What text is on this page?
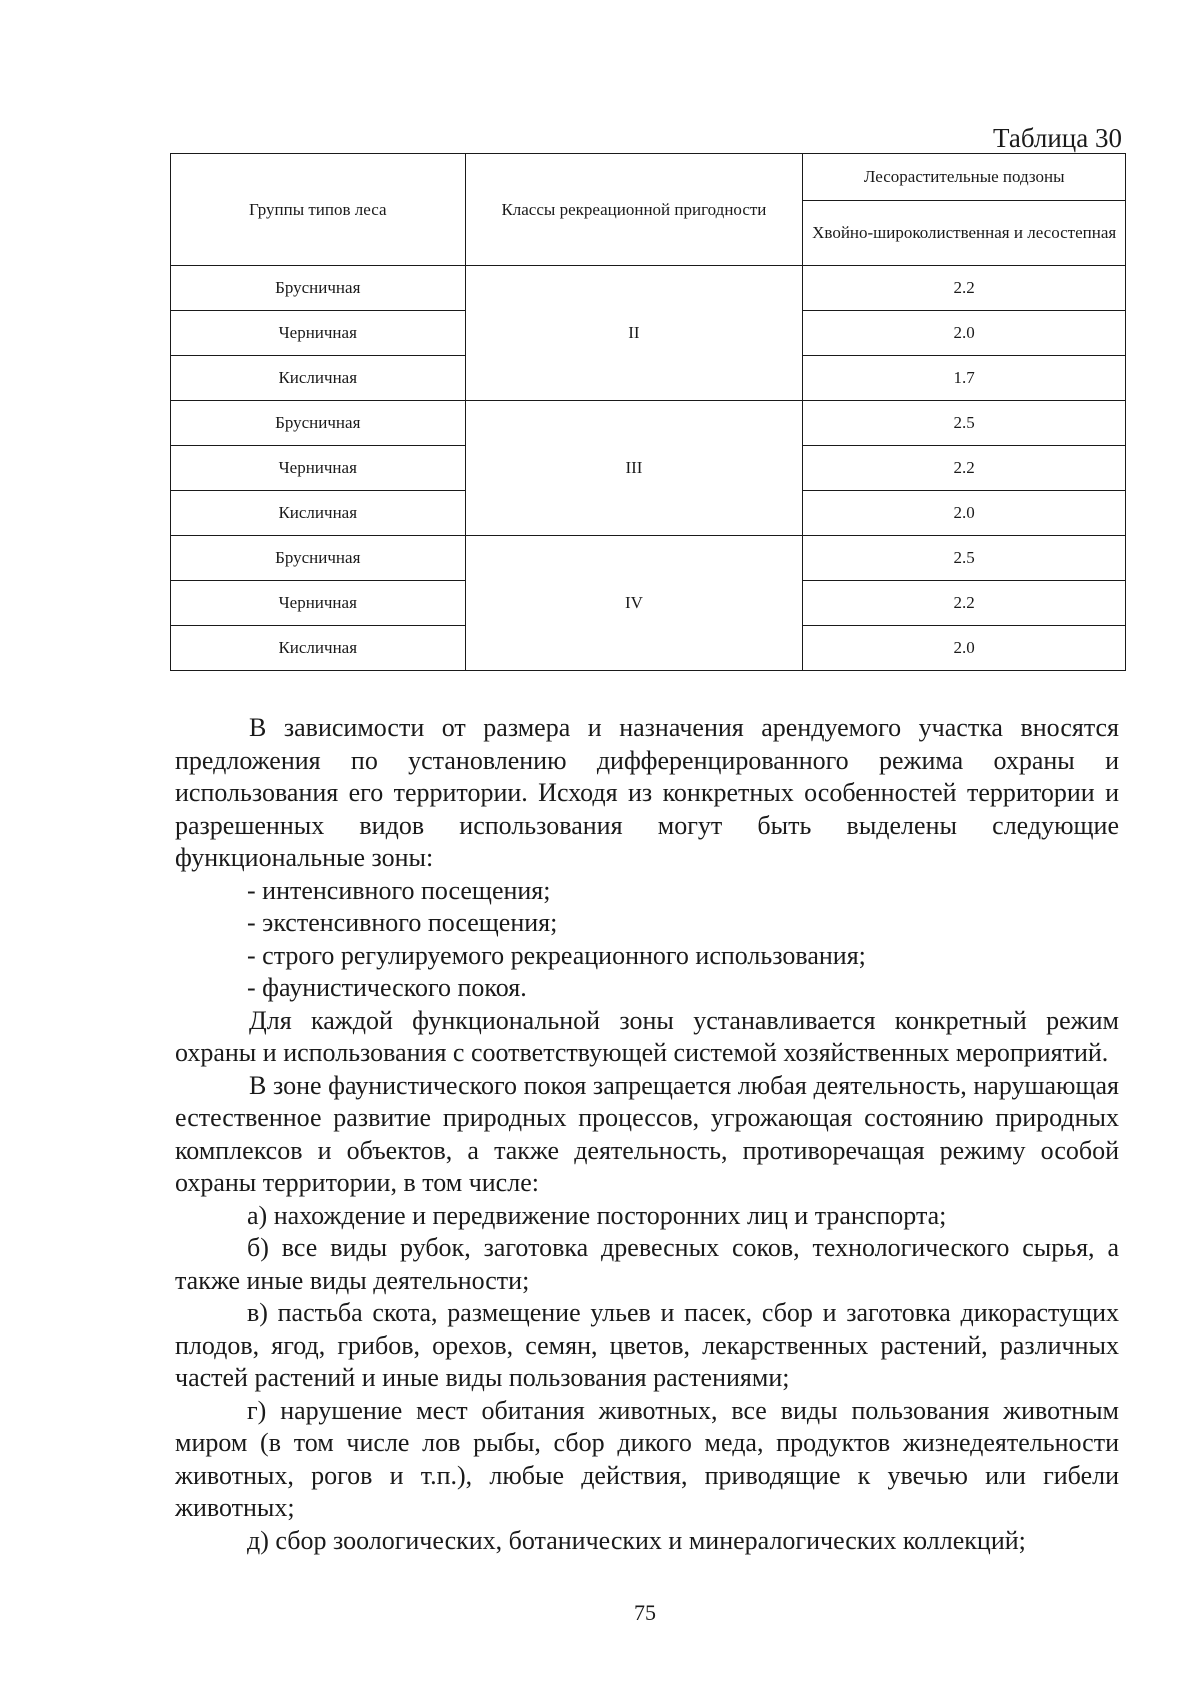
Таблица 30
Группы типов леса	Классы рекреационной пригодности	Лесорастительные подзоны
		Хвойно-широколиственная и лесостепная
Брусничная	II	2.2
Черничная		2.0
Кисличная		1.7
Брусничная	III	2.5
Черничная		2.2
Кисличная		2.0
Брусничная	IV	2.5
Черничная		2.2
Кисличная		2.0

В зависимости от размера и назначения арендуемого участка вносятся предложения по установлению дифференцированного режима охраны и использования его территории. Исходя из конкретных особенностей территории и разрешенных видов использования могут быть выделены следующие функциональные зоны:

- интенсивного посещения;

- экстенсивного посещения;

- строго регулируемого рекреационного использования;

- фаунистического покоя.

Для каждой функциональной зоны устанавливается конкретный режим охраны и использования с соответствующей системой хозяйственных мероприятий.

В зоне фаунистического покоя запрещается любая деятельность, нарушающая естественное развитие природных процессов, угрожающая состоянию природных комплексов и объектов, а также деятельность, противоречащая режиму особой охраны территории, в том числе:

а) нахождение и передвижение посторонних лиц и транспорта;

б) все виды рубок, заготовка древесных соков, технологического сырья, а также иные виды деятельности;

в) пастьба скота, размещение ульев и пасек, сбор и заготовка дикорастущих плодов, ягод, грибов, орехов, семян, цветов, лекарственных растений, различных частей растений и иные виды пользования растениями;

г) нарушение мест обитания животных, все виды пользования животным миром (в том числе лов рыбы, сбор дикого меда, продуктов жизнедеятельности животных, рогов и т.п.), любые действия, приводящие к увечью или гибели животных;

д) сбор зоологических, ботанических и минералогических коллекций;

75
